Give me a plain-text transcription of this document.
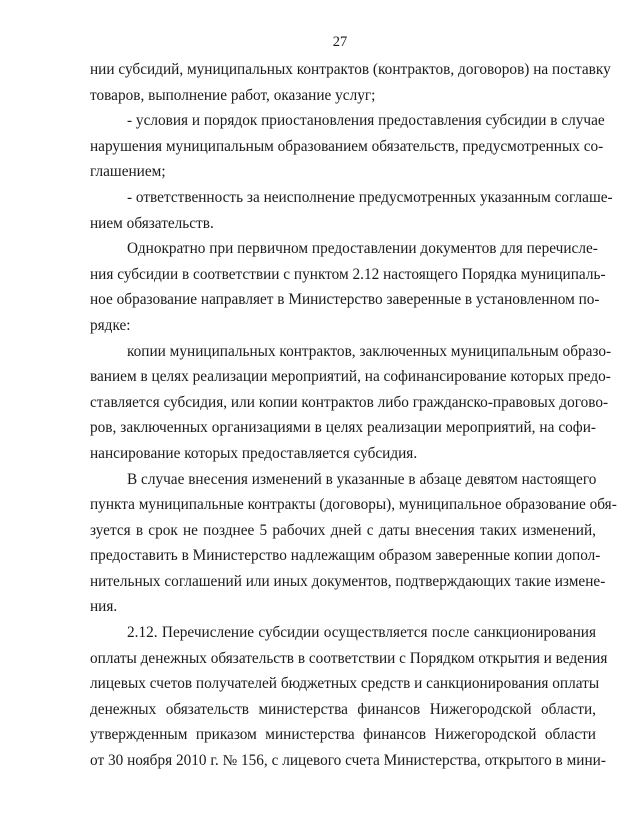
27
нии субсидий, муниципальных контрактов (контрактов, договоров) на поставку
товаров, выполнение работ, оказание услуг;
- условия и порядок приостановления предоставления субсидии в случае
нарушения муниципальным образованием обязательств, предусмотренных со-
глашением;
- ответственность за неисполнение предусмотренных указанным соглаше-
нием обязательств.
Однократно при первичном предоставлении документов для перечисле-
ния субсидии в соответствии с пунктом 2.12 настоящего Порядка муниципаль-
ное образование направляет в Министерство заверенные в установленном по-
рядке:
копии муниципальных контрактов, заключенных муниципальным образо-
ванием в целях реализации мероприятий, на софинансирование которых предо-
ставляется субсидия, или копии контрактов либо гражданско-правовых догово-
ров, заключенных организациями в целях реализации мероприятий, на софи-
нансирование которых предоставляется субсидия.
В случае внесения изменений в указанные в абзаце девятом настоящего
пункта муниципальные контракты (договоры), муниципальное образование обя-
зуется в срок не позднее 5 рабочих дней с даты внесения таких изменений,
предоставить в Министерство надлежащим образом заверенные копии допол-
нительных соглашений или иных документов, подтверждающих такие измене-
ния.
2.12. Перечисление субсидии осуществляется после санкционирования
оплаты денежных обязательств в соответствии с Порядком открытия и ведения
лицевых счетов получателей бюджетных средств и санкционирования оплаты
денежных обязательств министерства финансов Нижегородской области,
утвержденным приказом министерства финансов Нижегородской области
от 30 ноября 2010 г. № 156, с лицевого счета Министерства, открытого в мини-
